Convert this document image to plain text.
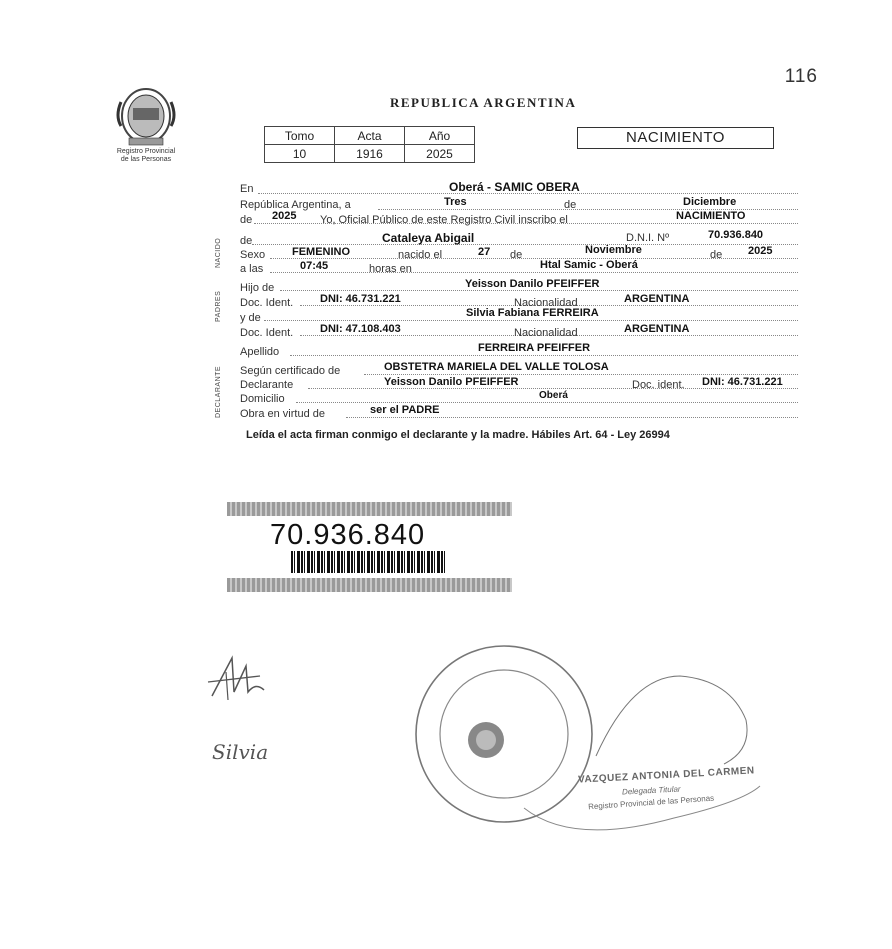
116
Registro Provincial
de las Personas
REPUBLICA ARGENTINA
Tomo	Acta	Año
10	1916	2025
NACIMIENTO
NACIDO
PADRES
DECLARANTE
En	Oberá - SAMIC OBERA
República Argentina, a	Tres	de	Diciembre
de 2025 Yo, Oficial Público de este Registro Civil inscribo el	NACIMIENTO
de	Cataleya Abigail	D.N.I. Nº	70.936.840
Sexo FEMENINO	nacido el	27 de	Noviembre	de 2025
a las	07:45	horas en	Htal Samic - Oberá
Hijo de	Yeisson Danilo PFEIFFER
Doc. Ident. DNI: 46.731.221	Nacionalidad	ARGENTINA
y de	Silvia Fabiana FERREIRA
Doc. Ident. DNI: 47.108.403	Nacionalidad	ARGENTINA
Apellido	FERREIRA PFEIFFER
Según certificado de	OBSTETRA MARIELA DEL VALLE TOLOSA
Declarante	Yeisson Danilo PFEIFFER	Doc. ident. DNI: 46.731.221
Domicilio	Oberá
Obra en virtud de	ser el PADRE
Leída el acta firman conmigo el declarante y la madre. Hábiles Art. 64 - Ley 26994
70.936.840
Silvia
VAZQUEZ ANTONIA DEL CARMEN
Delegada Titular
Registro Provincial de las Personas
